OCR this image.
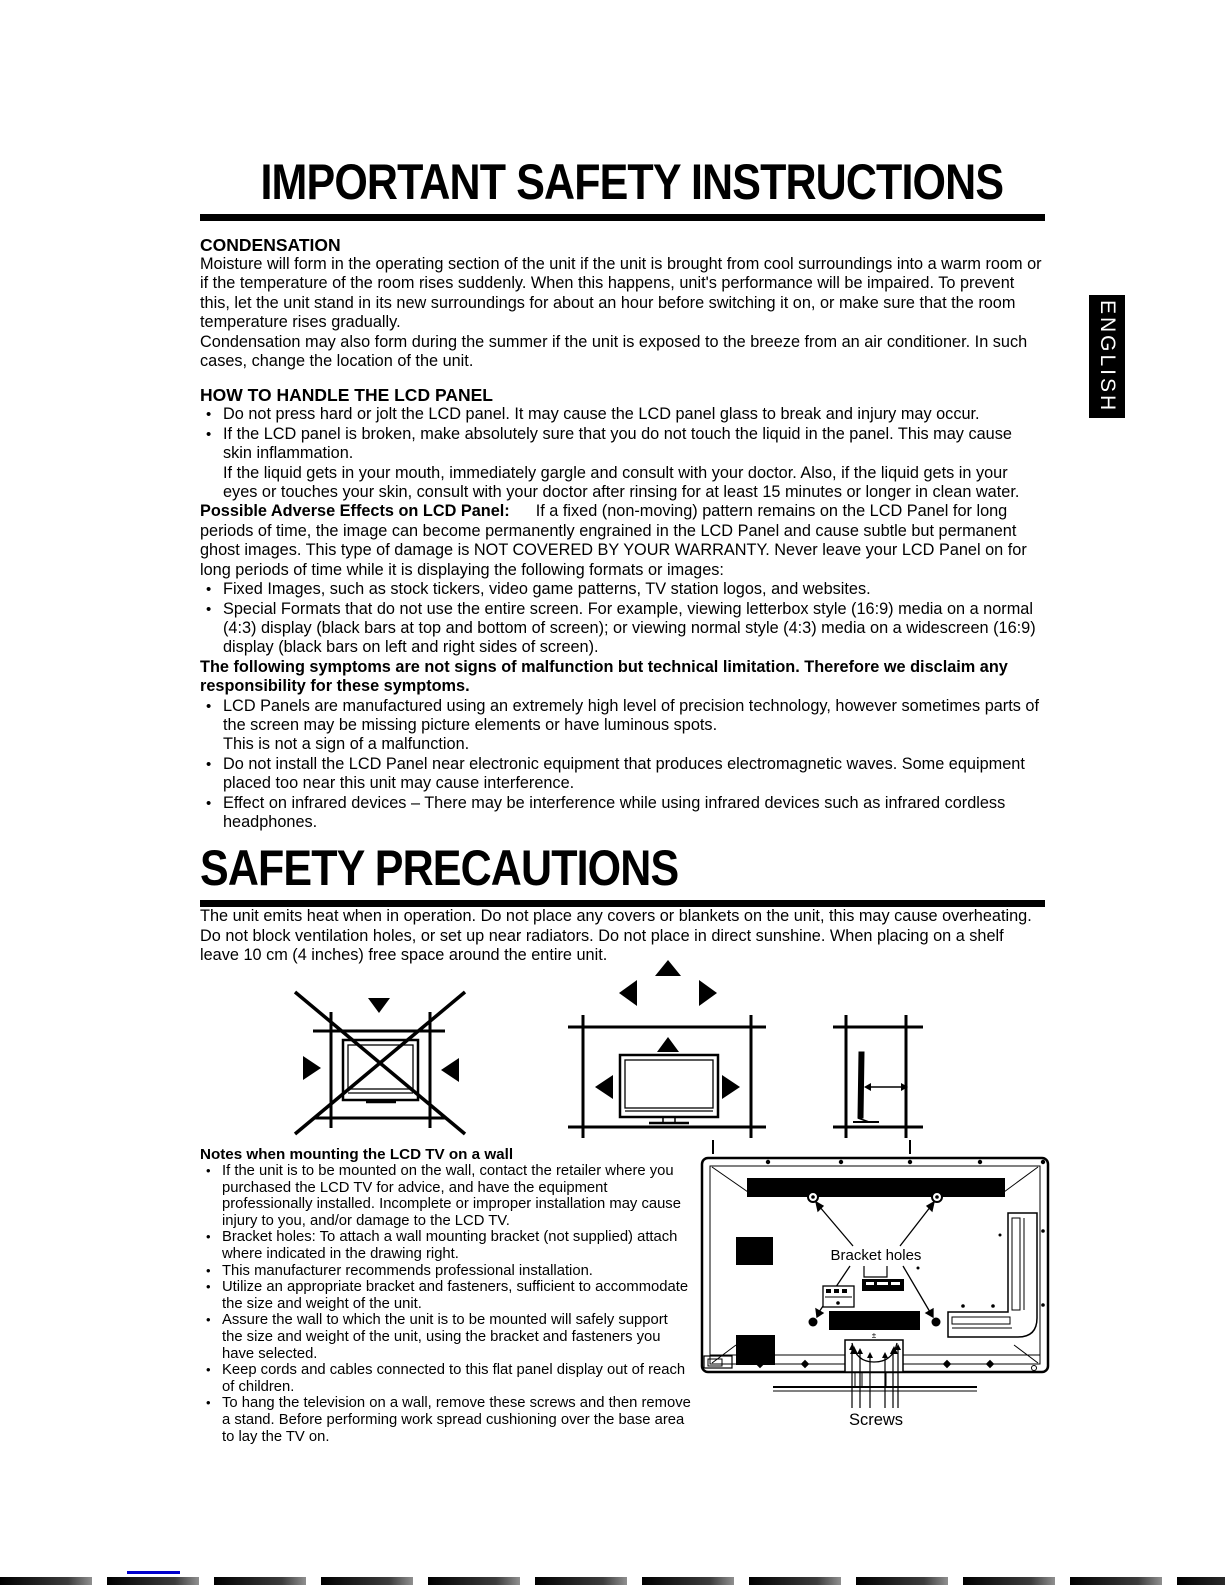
IMPORTANT SAFETY INSTRUCTIONS
CONDENSATION

Moisture will form in the operating section of the unit if the unit is brought from cool surroundings into a warm room or if the temperature of the room rises suddenly. When this happens, unit's performance will be impaired. To prevent this, let the unit stand in its new surroundings for about an hour before switching it on, or make sure that the room temperature rises gradually.

Condensation may also form during the summer if the unit is exposed to the breeze from an air conditioner. In such cases, change the location of the unit.

HOW TO HANDLE THE LCD PANEL
• Do not press hard or jolt the LCD panel. It may cause the LCD panel glass to break and injury may occur.
• If the LCD panel is broken, make absolutely sure that you do not touch the liquid in the panel. This may cause skin inflammation.

If the liquid gets in your mouth, immediately gargle and consult with your doctor. Also, if the liquid gets in your eyes or touches your skin, consult with your doctor after rinsing for at least 15 minutes or longer in clean water.

Possible Adverse Effects on LCD Panel: If a fixed (non-moving) pattern remains on the LCD Panel for long periods of time, the image can become permanently engrained in the LCD Panel and cause subtle but permanent ghost images. This type of damage is NOT COVERED BY YOUR WARRANTY. Never leave your LCD Panel on for long periods of time while it is displaying the following formats or images:

• Fixed Images, such as stock tickers, video game patterns, TV station logos, and websites.
• Special Formats that do not use the entire screen. For example, viewing letterbox style (16:9) media on a normal (4:3) display (black bars at top and bottom of screen); or viewing normal style (4:3) media on a widescreen (16:9) display (black bars on left and right sides of screen).

The following symptoms are not signs of malfunction but technical limitation. Therefore we disclaim any responsibility for these symptoms.

• LCD Panels are manufactured using an extremely high level of precision technology, however sometimes parts of the screen may be missing picture elements or have luminous spots.

This is not a sign of a malfunction.

• Do not install the LCD Panel near electronic equipment that produces electromagnetic waves. Some equipment placed too near this unit may cause interference.
• Effect on infrared devices – There may be interference while using infrared devices such as infrared cordless headphones.
SAFETY PRECAUTIONS

The unit emits heat when in operation. Do not place any covers or blankets on the unit, this may cause overheating.

Do not block ventilation holes, or set up near radiators. Do not place in direct sunshine. When placing on a shelf leave 10 cm (4 inches) free space around the entire unit.

Notes when mounting the LCD TV on a wall
• If the unit is to be mounted on the wall, contact the retailer where you purchased the LCD TV for advice, and have the equipment professionally installed. Incomplete or improper installation may cause injury to you, and/or damage to the LCD TV.
• Bracket holes: To attach a wall mounting bracket (not supplied) attach where indicated in the drawing right.
• This manufacturer recommends professional installation.
• Utilize an appropriate bracket and fasteners, sufficient to accommodate the size and weight of the unit.
• Assure the wall to which the unit is to be mounted will safely support the size and weight of the unit, using the bracket and fasteners you have selected.
• Keep cords and cables connected to this flat panel display out of reach of children.
• To hang the television on a wall, remove these screws and then remove a stand. Before performing work spread cushioning over the base area to lay the TV on.
Bracket holes
±
Screws
ENGLISH
